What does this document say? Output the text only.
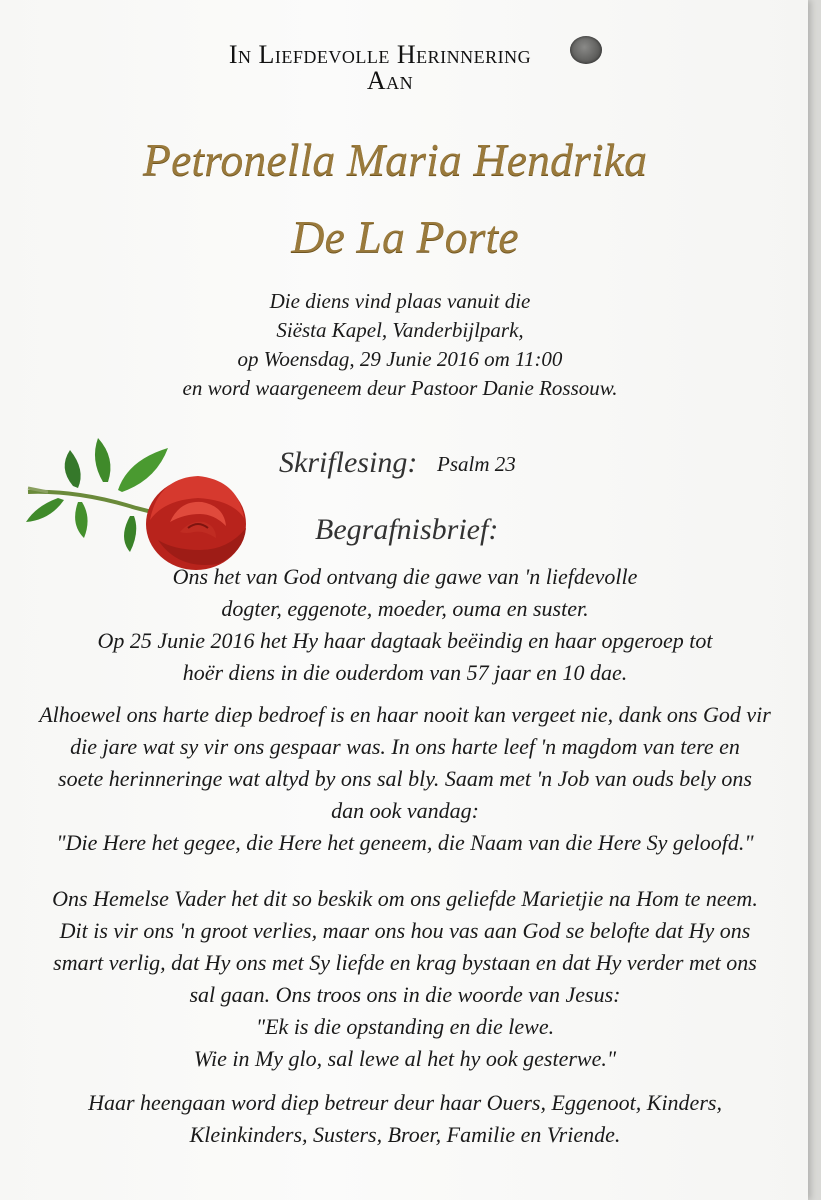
In Liefdevolle Herinnering
Aan
Petronella Maria Hendrika
De La Porte
Die diens vind plaas vanuit die
Siësta Kapel, Vanderbijlpark,
op Woensdag, 29 Junie 2016 om 11:00
en word waargeneem deur Pastoor Danie Rossouw.
Skriflesing: Psalm 23
Begrafnisbrief:
Ons het van God ontvang die gawe van 'n liefdevolle
dogter, eggenote, moeder, ouma en suster.
Op 25 Junie 2016 het Hy haar dagtaak beëindig en haar opgeroep tot
hoër diens in die ouderdom van 57 jaar en 10 dae.
Alhoewel ons harte diep bedroef is en haar nooit kan vergeet nie, dank ons God vir
die jare wat sy vir ons gespaar was. In ons harte leef 'n magdom van tere en
soete herinneringe wat altyd by ons sal bly. Saam met 'n Job van ouds bely ons
dan ook vandag:
"Die Here het gegee, die Here het geneem, die Naam van die Here Sy geloofd."
Ons Hemelse Vader het dit so beskik om ons geliefde Marietjie na Hom te neem.
Dit is vir ons 'n groot verlies, maar ons hou vas aan God se belofte dat Hy ons
smart verlig, dat Hy ons met Sy liefde en krag bystaan en dat Hy verder met ons
sal gaan. Ons troos ons in die woorde van Jesus:
"Ek is die opstanding en die lewe.
Wie in My glo, sal lewe al het hy ook gesterwe."
Haar heengaan word diep betreur deur haar Ouers, Eggenoot, Kinders,
Kleinkinders, Susters, Broer, Familie en Vriende.
